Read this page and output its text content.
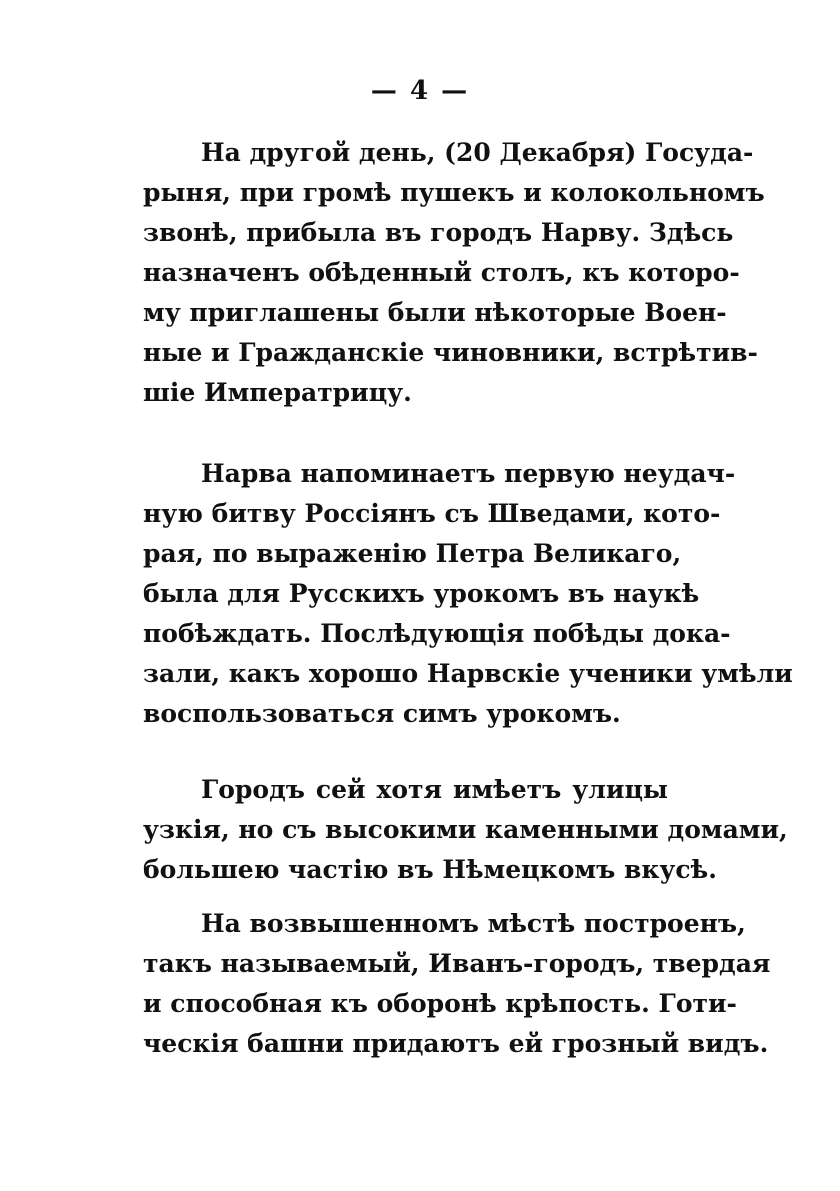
— 4 —
На другой день, (20 Декабря) Госуда-
рыня, при громѣ пушекъ и колокольномъ
звонѣ, прибыла въ городъ Нарву. Здѣсь
назначенъ обѣденный столъ, къ которо-
му приглашены были нѣкоторые Воен-
ные и Гражданскіе чиновники, встрѣтив-
шіе Императрицу.
Нарва напоминаетъ первую неудач-
ную битву Россіянъ съ Шведами, кото-
рая, по выраженію Петра Великаго,
была для Русскихъ урокомъ въ наукѣ
побѣждать. Послѣдующія побѣды дока-
зали, какъ хорошо Нарвскіе ученики умѣли
воспользоваться симъ урокомъ.
Городъ сей хотя имѣетъ улицы
узкія, но съ высокими каменными домами,
большею частію въ Нѣмецкомъ вкусѣ.
На возвышенномъ мѣстѣ построенъ,
такъ называемый, Иванъ-городъ, твердая
и способная къ оборонѣ крѣпость. Готи-
ческія башни придаютъ ей грозный видъ.
